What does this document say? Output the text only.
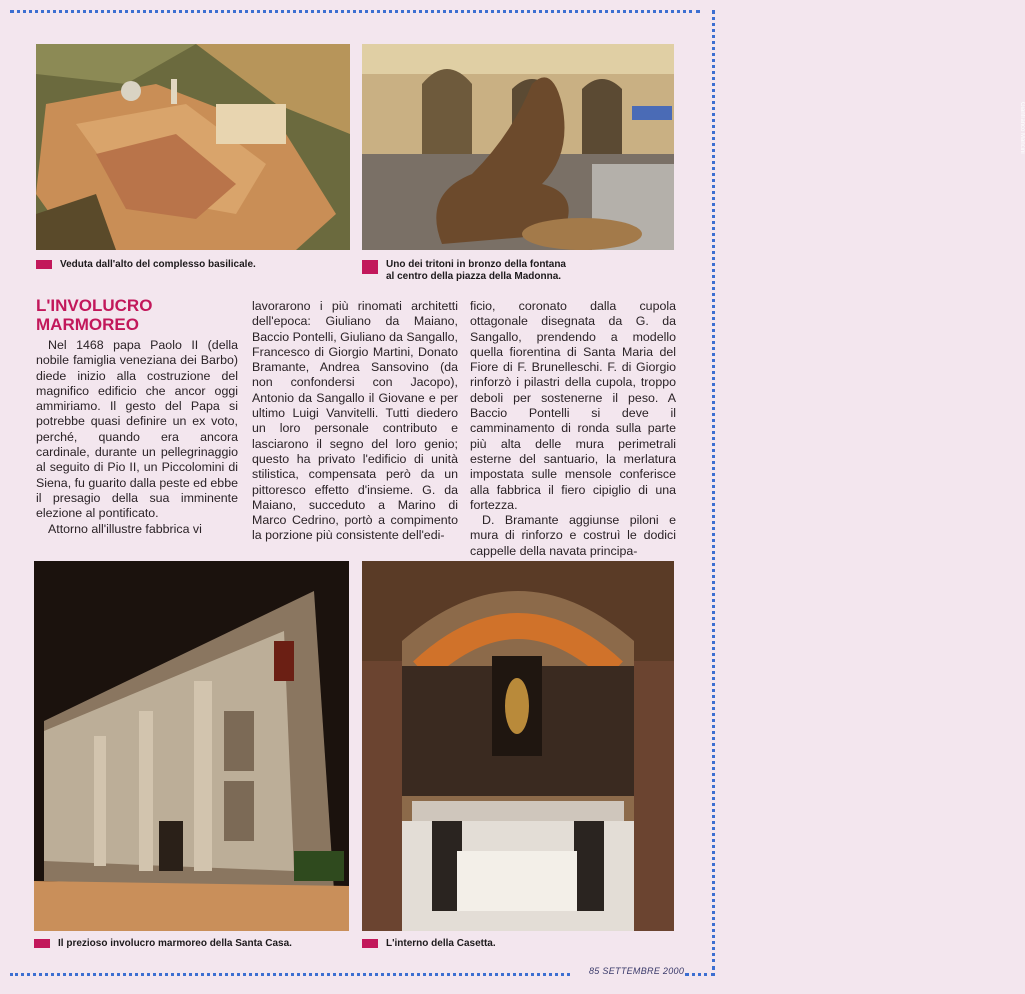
Gianfranco Mancini
Veduta dall'alto del complesso basilicale.	Uno dei tritoni in bronzo della fontana
al centro della piazza della Madonna.
L'INVOLUCRO
MARMOREO

Nel 1468 papa Paolo II (della nobile famiglia veneziana dei Barbo) diede inizio alla costruzione del magnifico edificio che ancor oggi ammiriamo. Il gesto del Papa si potrebbe quasi definire un ex voto, perché, quando era ancora cardinale, durante un pellegrinaggio al seguito di Pio II, un Piccolomini di Siena, fu guarito dalla peste ed ebbe il presagio della sua imminente elezione al pontificato.

Attorno all'illustre fabbrica vi

lavorarono i più rinomati architetti dell'epoca: Giuliano da Maiano, Baccio Pontelli, Giuliano da Sangallo, Francesco di Giorgio Martini, Donato Bramante, Andrea Sansovino (da non confondersi con Jacopo), Antonio da Sangallo il Giovane e per ultimo Luigi Vanvitelli. Tutti diedero un loro personale contributo e lasciarono il segno del loro genio; questo ha privato l'edificio di unità stilistica, compensata però da un pittoresco effetto d'insieme. G. da Maiano, succeduto a Marino di Marco Cedrino, portò a compimento la porzione più consistente dell'edi-

ficio, coronato dalla cupola ottagonale disegnata da G. da Sangallo, prendendo a modello quella fiorentina di Santa Maria del Fiore di F. Brunelleschi. F. di Giorgio rinforzò i pilastri della cupola, troppo deboli per sostenerne il peso. A Baccio Pontelli si deve il camminamento di ronda sulla parte più alta delle mura perimetrali esterne del santuario, la merlatura impostata sulle mensole conferisce alla fabbrica il fiero cipiglio di una fortezza.

D. Bramante aggiunse piloni e mura di rinforzo e costruì le dodici cappelle della navata principa-

Il prezioso involucro marmoreo della Santa Casa.	L'interno della Casetta.
85 SETTEMBRE 2000
